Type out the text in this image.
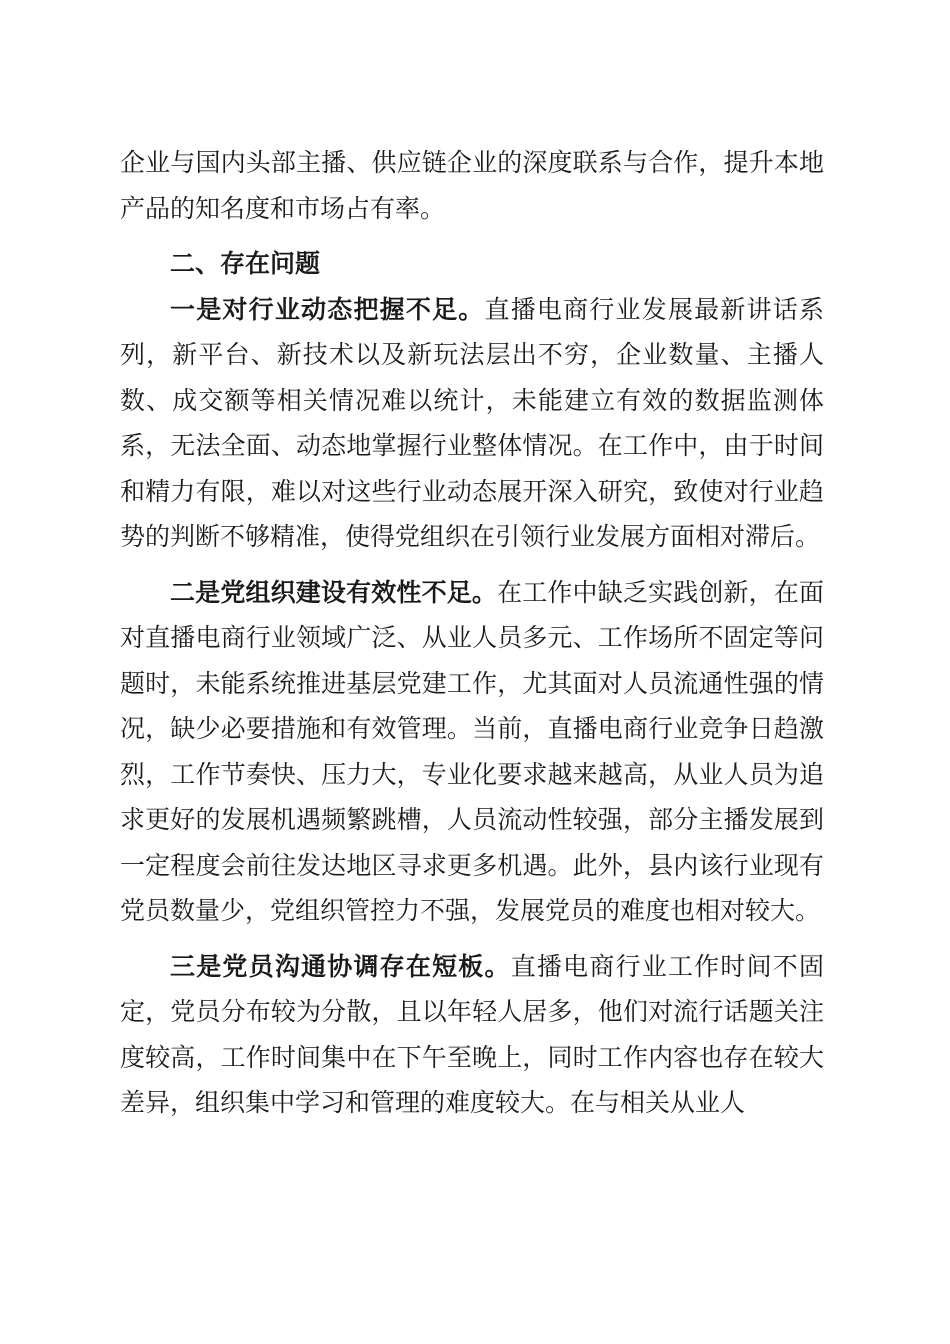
企业与国内头部主播、供应链企业的深度联系与合作，提升本地产品的知名度和市场占有率。

二、存在问题

一是对行业动态把握不足。直播电商行业发展最新讲话系列，新平台、新技术以及新玩法层出不穷，企业数量、主播人数、成交额等相关情况难以统计，未能建立有效的数据监测体系，无法全面、动态地掌握行业整体情况。在工作中，由于时间和精力有限，难以对这些行业动态展开深入研究，致使对行业趋势的判断不够精准，使得党组织在引领行业发展方面相对滞后。

二是党组织建设有效性不足。在工作中缺乏实践创新，在面对直播电商行业领域广泛、从业人员多元、工作场所不固定等问题时，未能系统推进基层党建工作，尤其面对人员流通性强的情况，缺少必要措施和有效管理。当前，直播电商行业竞争日趋激烈，工作节奏快、压力大，专业化要求越来越高，从业人员为追求更好的发展机遇频繁跳槽，人员流动性较强，部分主播发展到一定程度会前往发达地区寻求更多机遇。此外，县内该行业现有党员数量少，党组织管控力不强，发展党员的难度也相对较大。

三是党员沟通协调存在短板。直播电商行业工作时间不固定，党员分布较为分散，且以年轻人居多，他们对流行话题关注度较高，工作时间集中在下午至晚上，同时工作内容也存在较大差异，组织集中学习和管理的难度较大。在与相关从业人
